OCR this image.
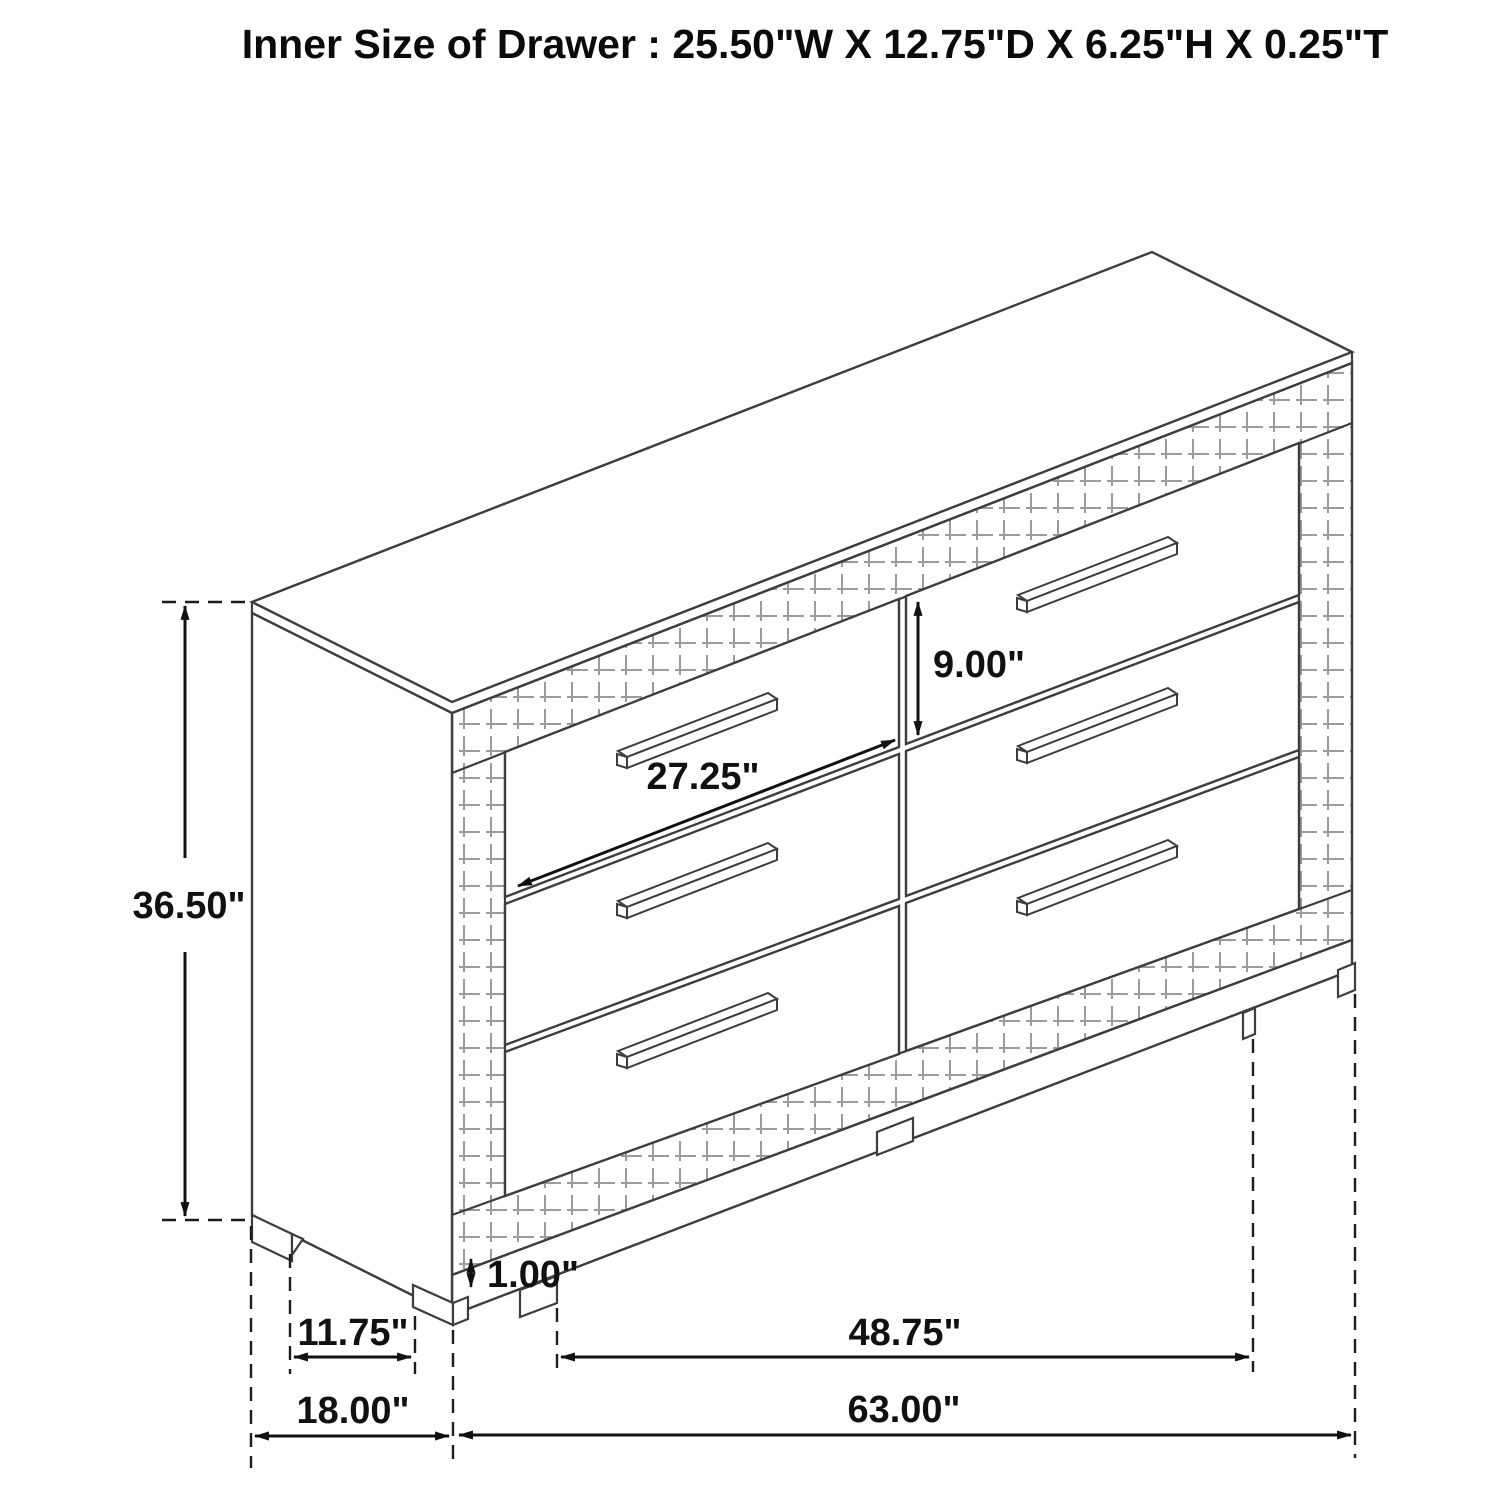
Inner Size of Drawer : 25.50"W X 12.75"D X 6.25"H X 0.25"T
36.50"
9.00"
27.25"
1.00"
11.75"
18.00"
48.75"
63.00"
